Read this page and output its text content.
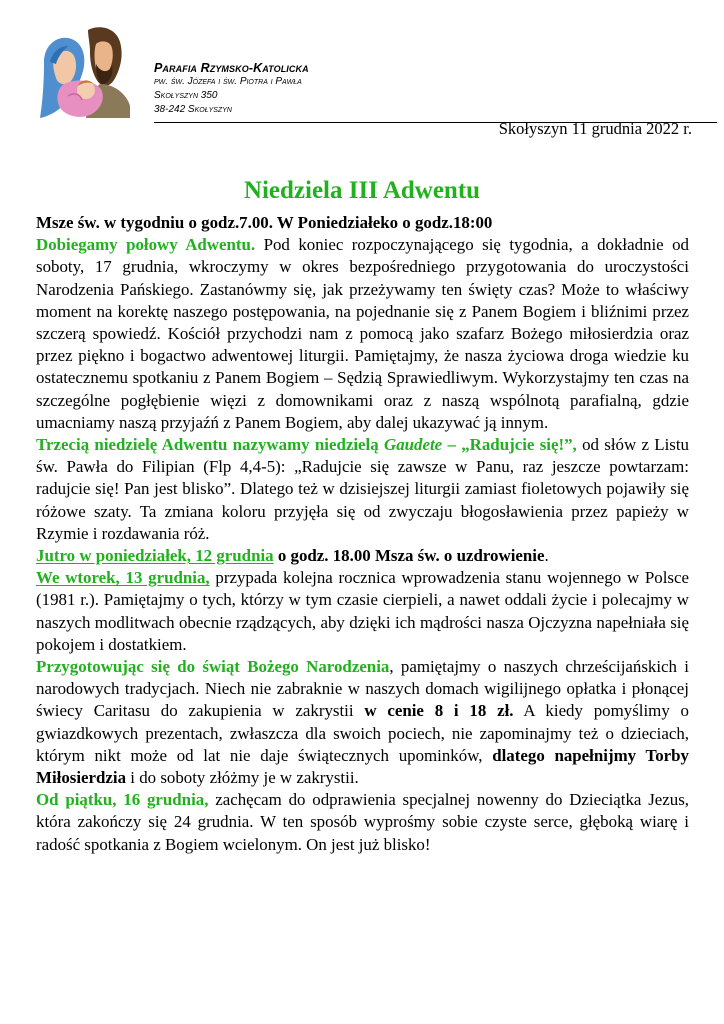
Parafia Rzymsko-Katolicka
pw. św. Józefa i św. Piotra i Pawła
Skołyszyn 350
38-242 Skołyszyn
Skołyszyn 11 grudnia 2022 r.
Niedziela III Adwentu

Msze św. w tygodniu o godz.7.00. W Poniedziałeko o godz.18:00

Dobiegamy połowy Adwentu. Pod koniec rozpoczynającego się tygodnia, a dokładnie od soboty, 17 grudnia, wkroczymy w okres bezpośredniego przygotowania do uroczystości Narodzenia Pańskiego. Zastanówmy się, jak przeżywamy ten święty czas? Może to właściwy moment na korektę naszego postępowania, na pojednanie się z Panem Bogiem i bliźnimi przez szczerą spowiedź. Kościół przychodzi nam z pomocą jako szafarz Bożego miłosierdzia oraz przez piękno i bogactwo adwentowej liturgii. Pamiętajmy, że nasza życiowa droga wiedzie ku ostatecznemu spotkaniu z Panem Bogiem – Sędzią Sprawiedliwym. Wykorzystajmy ten czas na szczególne pogłębienie więzi z domownikami oraz z naszą wspólnotą parafialną, gdzie umacniamy naszą przyjaźń z Panem Bogiem, aby dalej ukazywać ją innym.

Trzecią niedzielę Adwentu nazywamy niedzielą Gaudete – „Radujcie się!”, od słów z Listu św. Pawła do Filipian (Flp 4,4-5): „Radujcie się zawsze w Panu, raz jeszcze powtarzam: radujcie się! Pan jest blisko”. Dlatego też w dzisiejszej liturgii zamiast fioletowych pojawiły się różowe szaty. Ta zmiana koloru przyjęła się od zwyczaju błogosławienia przez papieży w Rzymie i rozdawania róż.

Jutro w poniedziałek, 12 grudnia o godz. 18.00 Msza św. o uzdrowienie.

We wtorek, 13 grudnia, przypada kolejna rocznica wprowadzenia stanu wojennego w Polsce (1981 r.). Pamiętajmy o tych, którzy w tym czasie cierpieli, a nawet oddali życie i polecajmy w naszych modlitwach obecnie rządzących, aby dzięki ich mądrości nasza Ojczyzna napełniała się pokojem i dostatkiem.

Przygotowując się do świąt Bożego Narodzenia, pamiętajmy o naszych chrześcijańskich i narodowych tradycjach. Niech nie zabraknie w naszych domach wigilijnego opłatka i płonącej świecy Caritasu do zakupienia w zakrystii w cenie 8 i 18 zł. A kiedy pomyślimy o gwiazdkowych prezentach, zwłaszcza dla swoich pociech, nie zapominajmy też o dzieciach, którym nikt może od lat nie daje świątecznych upominków, dlatego napełnijmy Torby Miłosierdzia i do soboty złóżmy je w zakrystii.

Od piątku, 16 grudnia, zachęcam do odprawienia specjalnej nowenny do Dzieciątka Jezus, która zakończy się 24 grudnia. W ten sposób wyprośmy sobie czyste serce, głęboką wiarę i radość spotkania z Bogiem wcielonym. On jest już blisko!
